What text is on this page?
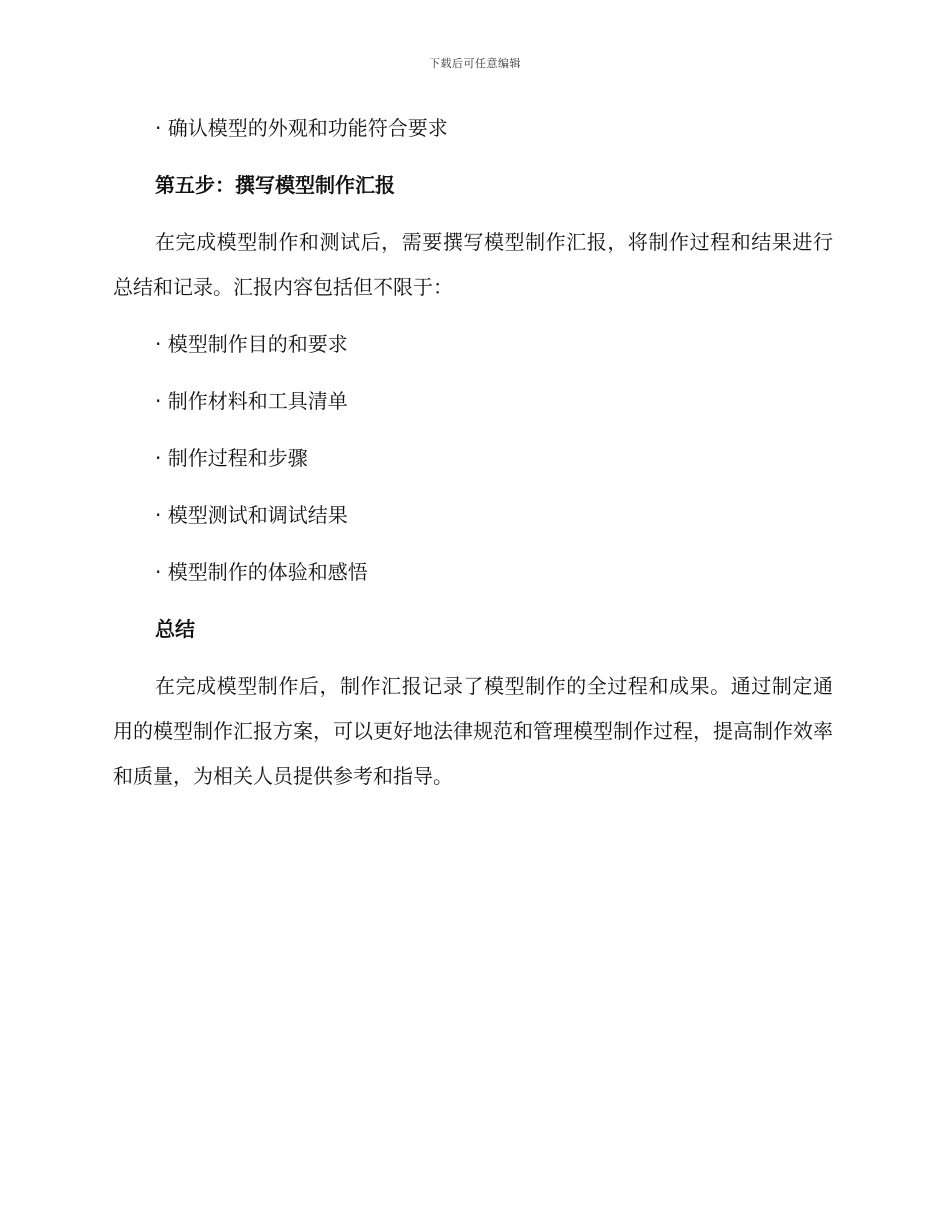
下载后可任意编辑

· 确认模型的外观和功能符合要求

第五步：撰写模型制作汇报

在完成模型制作和测试后，需要撰写模型制作汇报，将制作过程和结果进行总结和记录。汇报内容包括但不限于：

· 模型制作目的和要求

· 制作材料和工具清单

· 制作过程和步骤

· 模型测试和调试结果

· 模型制作的体验和感悟

总结

在完成模型制作后，制作汇报记录了模型制作的全过程和成果。通过制定通用的模型制作汇报方案，可以更好地法律规范和管理模型制作过程，提高制作效率和质量，为相关人员提供参考和指导。
